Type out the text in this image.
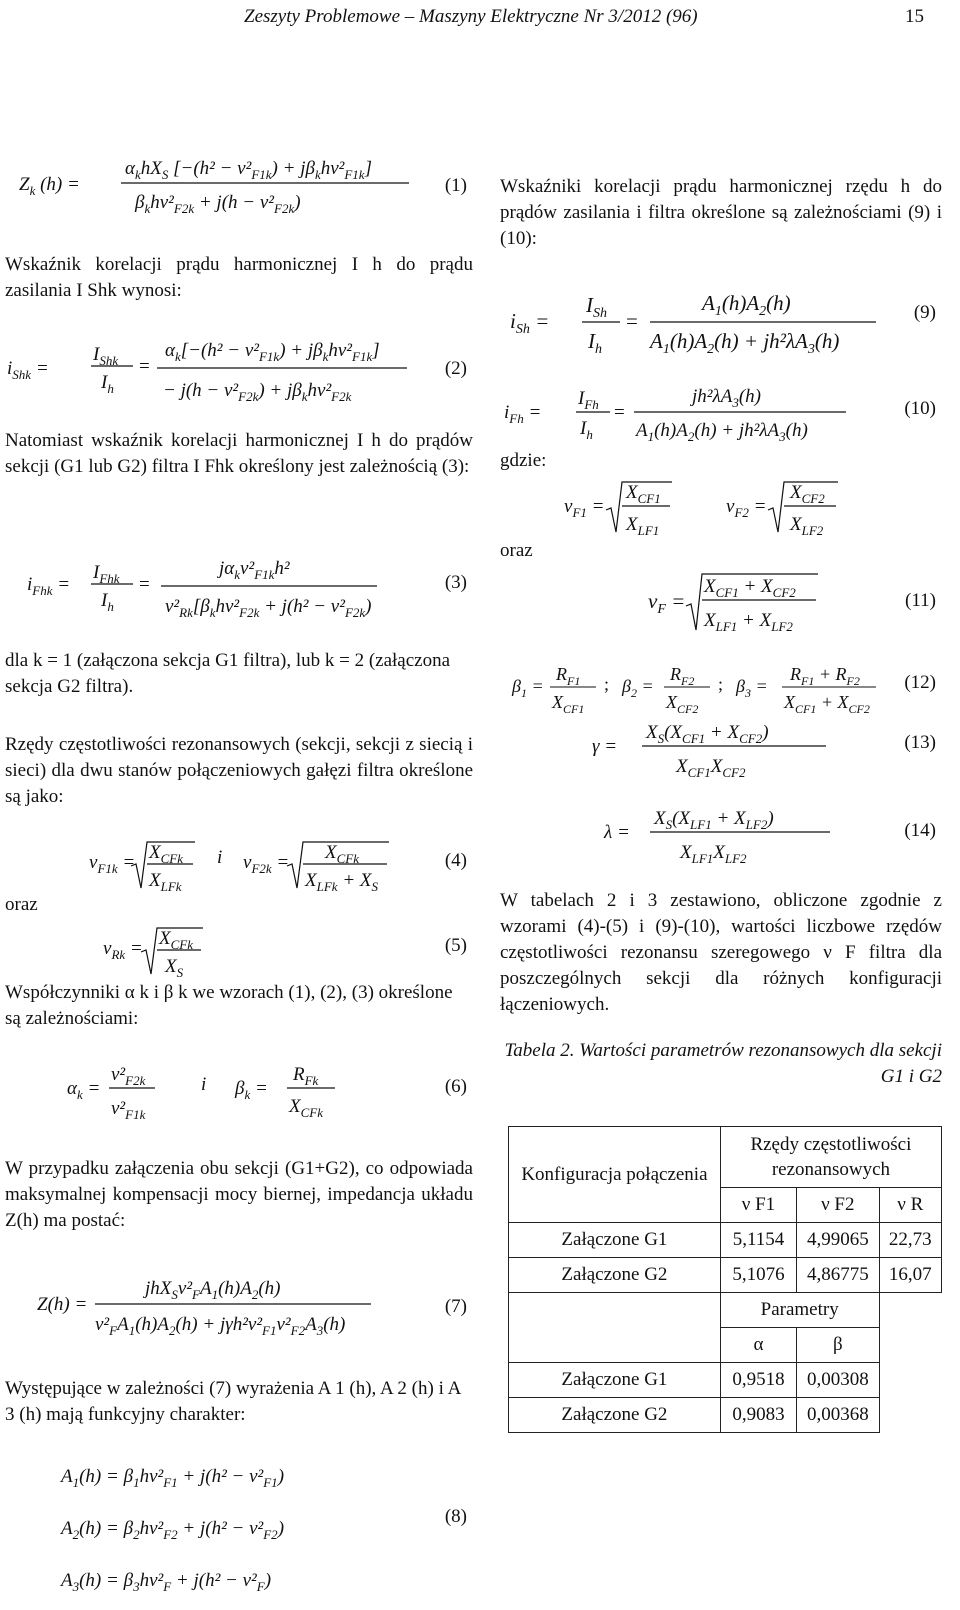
Zeszyty Problemowe – Maszyny Elektryczne Nr 3/2012 (96)	15
$Z_k$ (h) =
$\alpha_khX_S$ $[-(h^2 - \nu^2_{F1k}) + j\beta_kh\nu^2_{F1k}]$
$\beta_kh\nu^2_{F2k} + j(h - \nu^2_{F2k})$
(1)

Wskaźnik korelacji prądu harmonicznej I h do prądu zasilania I Shk wynosi:

$i_{Shk}$ =
$I_{Shk}$
$I_h$
=
$\alpha_k[-(h^2 - \nu^2_{F1k}) + j\beta_kh\nu^2_{F1k}]$
− $j(h - \nu^2_{F2k}) + j\beta_kh\nu^2_{F2k}$
(2)

Natomiast wskaźnik korelacji harmonicznej I h do prądów sekcji (G1 lub G2) filtra I Fhk określony jest zależnością (3):

$i_{Fhk}$ =
$I_{Fhk}$
$I_h$
=
$j\alpha_k\nu^2_{F1k}h^2$
$\nu^2_{Rk}[\beta_kh\nu^2_{F2k} + j(h^2 - \nu^2_{F2k})$
(3)

dla k = 1 (załączona sekcja G1 filtra), lub k = 2 (załączona sekcja G2 filtra).

Rzędy częstotliwości rezonansowych (sekcji, sekcji z siecią i sieci) dla dwu stanów połączeniowych gałęzi filtra określone są jako:

$\nu_{F1k} = X_{CFk}$
$X_{LFk}$
$\nu_{F2k} = X_{CFk}$
$X_{LFk} + X_S$
i	(4)
oraz
$\nu_{Rk} = X_{CFk}$
$X_S$
(5)

Współczynniki α k i β k we wzorach (1), (2), (3) określone są zależnościami:

$\alpha_k$ =
$\nu^2_{F2k}$
$\nu^2_{F1k}$
$\beta_k$ =
$R_{Fk}$
$X_{CFk}$
i	(6)

W przypadku załączenia obu sekcji (G1+G2), co odpowiada maksymalnej kompensacji mocy biernej, impedancja układu Z(h) ma postać:

Z(h) =
$jhX_S\nu^2_FA_1(h)A_2(h)$
$\nu^2_FA_1(h)A_2(h) + j\gamma h^2\nu^2_{F1}\nu^2_{F2}A_3(h)$
(7)

Występujące w zależności (7) wyrażenia A 1 (h), A 2 (h) i A 3 (h) mają funkcyjny charakter:

$A_1(h) = \beta_1h\nu^2_{F1} + j(h^2 - \nu^2_{F1})$
$A_2(h) = \beta_2h\nu^2_{F2} + j(h^2 - \nu^2_{F2})$
$A_3(h) = \beta_3h\nu^2_F + j(h^2 - \nu^2_F)$
(8)

Wskaźniki korelacji prądu harmonicznej rzędu h do prądów zasilania i filtra określone są zależnościami (9) i (10):

$i_{Sh}$ =
$I_{Sh}$
$I_h$
=
$A_1(h)A_2(h)$
$A_1(h)A_2(h) + jh^2\lambda A_3(h)$
(9)
$i_{Fh}$ =
$I_{Fh}$
$I_h$
=
$jh^2\lambda A_3(h)$
$A_1(h)A_2(h) + jh^2\lambda A_3(h)$
(10)
gdzie:
$\nu_{F1}$ =
$X_{CF1}$
$X_{LF1}$
$\nu_{F2}$ =
$X_{CF2}$
$X_{LF2}$
oraz
$\nu_F$ =
$X_{CF1} + X_{CF2}$
$X_{LF1} + X_{LF2}$
(11)
$\beta_1$ =
$R_{F1}$
$X_{CF1}$
; $\beta_2$ =
$R_{F2}$
$X_{CF2}$
; $\beta_3$ =
$R_{F1} + R_{F2}$
$X_{CF1} + X_{CF2}$
(12)
γ =
$X_S(X_{CF1} + X_{CF2})$
$X_{CF1}X_{CF2}$
(13)
λ =
$X_S(X_{LF1} + X_{LF2})$
$X_{LF1}X_{LF2}$
(14)

W tabelach 2 i 3 zestawiono, obliczone zgodnie z wzorami (4)-(5) i (9)-(10), wartości liczbowe rzędów częstotliwości rezonansu szeregowego ν F filtra dla poszczególnych sekcji dla różnych konfiguracji łączeniowych.

Tabela 2. Wartości parametrów rezonansowych dla sekcji G1 i G2
Konfiguracja połączenia	Rzędy częstotliwości rezonansowych		
	ν F1	ν F2	ν R
Załączone G1	5,1154	4,99065	22,73
Załączone G2	5,1076	4,86775	16,07
	Parametry		
	α	β	
Załączone G1	0,9518	0,00308	
Załączone G2	0,9083	0,00368	
